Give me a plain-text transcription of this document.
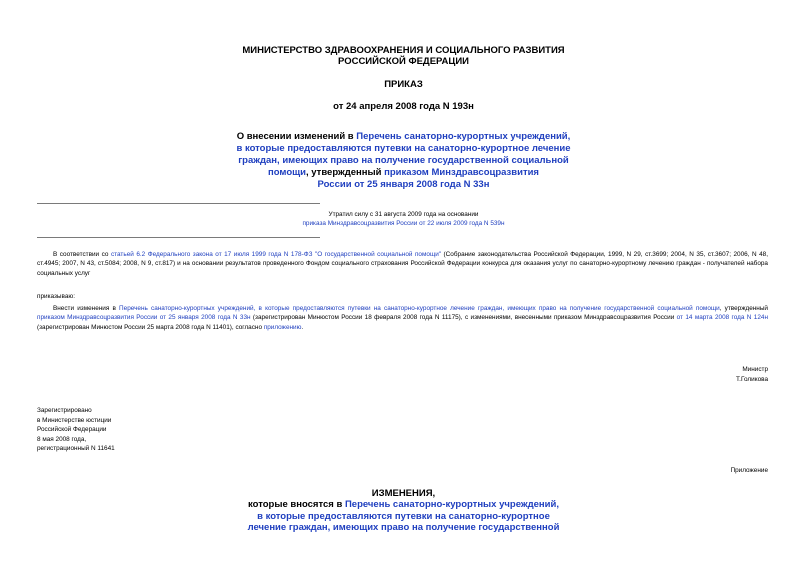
МИНИСТЕРСТВО ЗДРАВООХРАНЕНИЯ И СОЦИАЛЬНОГО РАЗВИТИЯ
РОССИЙСКОЙ ФЕДЕРАЦИИ
ПРИКАЗ
от 24 апреля 2008 года N 193н
О внесении изменений в Перечень санаторно-курортных учреждений,
в которые предоставляются путевки на санаторно-курортное лечение
граждан, имеющих право на получение государственной социальной
помощи, утвержденный приказом Минздравсоцразвития
России от 25 января 2008 года N 33н
Утратил силу с 31 августа 2009 года на основании
приказа Минздравсоцразвития России от 22 июля 2009 года N 539н
В соответствии со статьей 6.2 Федерального закона от 17 июля 1999 года N 178-ФЗ "О государственной социальной помощи" (Собрание законодательства Российской Федерации, 1999, N 29, ст.3699; 2004, N 35, ст.3607; 2006, N 48, ст.4945; 2007, N 43, ст.5084; 2008, N 9, ст.817) и на основании результатов проведенного Фондом социального страхования Российской Федерации конкурса для оказания услуг по санаторно-курортному лечению граждан - получателей набора социальных услуг
приказываю:
Внести изменения в Перечень санаторно-курортных учреждений, в которые предоставляются путевки на санаторно-курортное лечение граждан, имеющих право на получение государственной социальной помощи, утвержденный приказом Минздравсоцразвития России от 25 января 2008 года N 33н (зарегистрирован Минюстом России 18 февраля 2008 года N 11175), с изменениями, внесенными приказом Минздравсоцразвития России от 14 марта 2008 года N 124н (зарегистрирован Минюстом России 25 марта 2008 года N 11401), согласно приложению.
Министр
Т.Голикова
Зарегистрировано
в Министерстве юстиции
Российской Федерации
8 мая 2008 года,
регистрационный N 11641
Приложение
ИЗМЕНЕНИЯ,
которые вносятся в Перечень санаторно-курортных учреждений,
в которые предоставляются путевки на санаторно-курортное
лечение граждан, имеющих право на получение государственной
